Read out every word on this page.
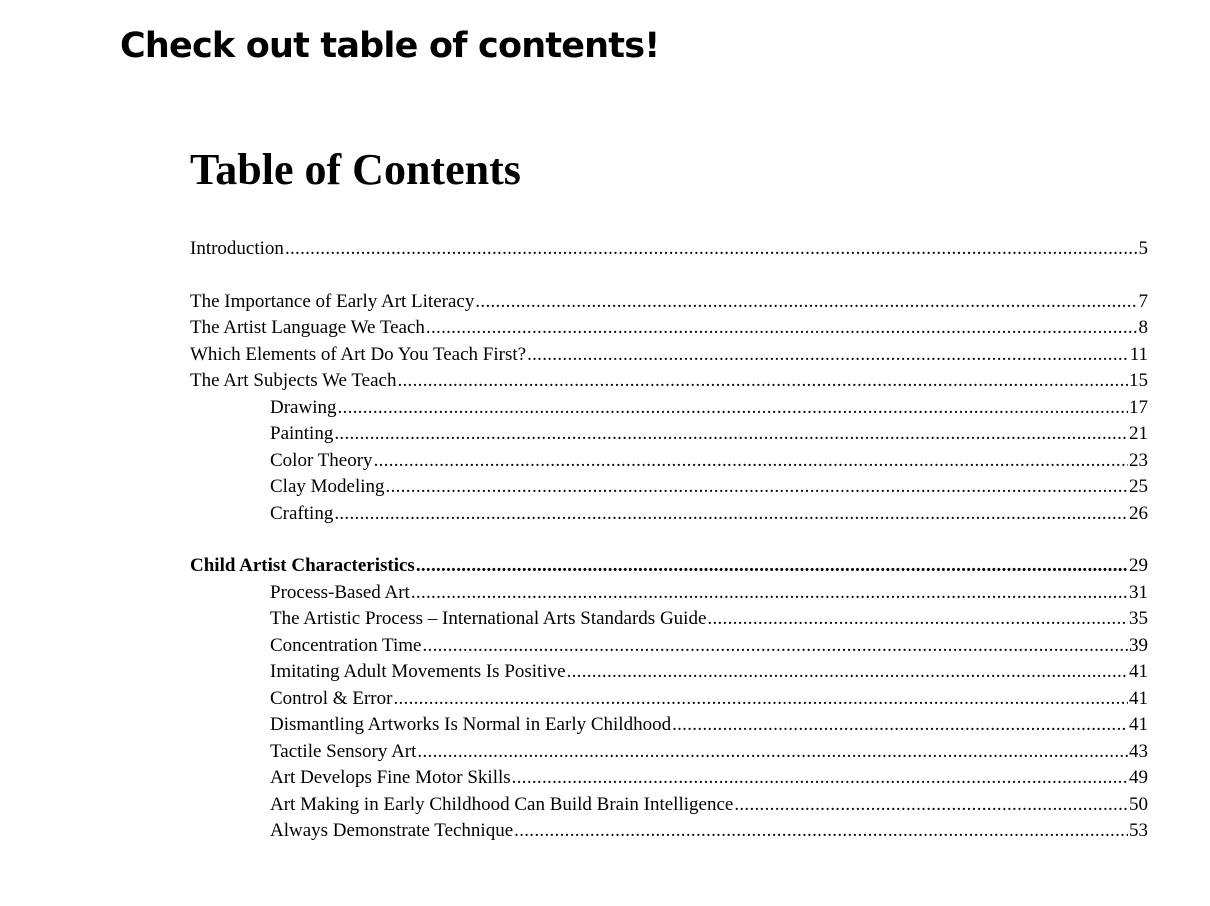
Check out table of contents!
Table of Contents
Introduction .....	5
The Importance of Early Art Literacy .....	7
The Artist Language We Teach .....	8
Which Elements of Art Do You Teach First? .....	11
The Art Subjects We Teach .....	15
Drawing .....	17
Painting .....	21
Color Theory .....	23
Clay Modeling .....	25
Crafting .....	26
Child Artist Characteristics .....	29
Process-Based Art .....	31
The Artistic Process – International Arts Standards Guide .....	35
Concentration Time .....	39
Imitating Adult Movements Is Positive .....	41
Control & Error .....	41
Dismantling Artworks Is Normal in Early Childhood .....	41
Tactile Sensory Art .....	43
Art Develops Fine Motor Skills .....	49
Art Making in Early Childhood Can Build Brain Intelligence .....	50
Always Demonstrate Technique .....	53
